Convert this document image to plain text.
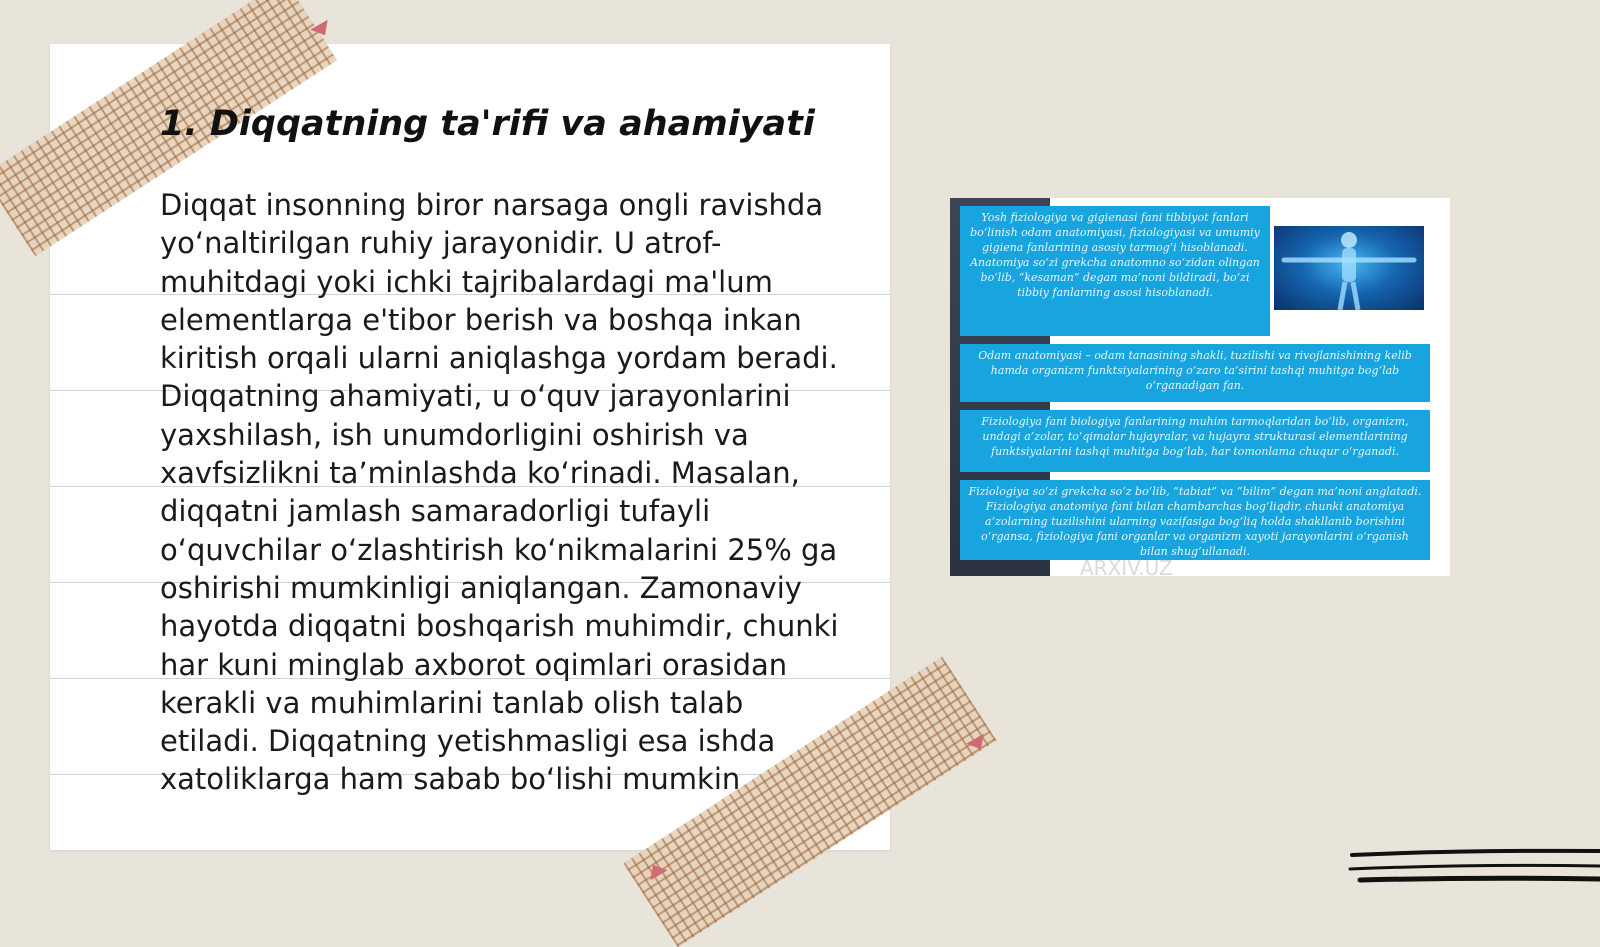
1. Diqqatning ta'rifi va ahamiyati

Diqqat insonning biror narsaga ongli ravishda yo‘naltirilgan ruhiy jarayonidir. U atrof-muhitdagi yoki ichki tajribalardagi ma'lum elementlarga e'tibor berish va boshqa inkan kiritish orqali ularni aniqlashga yordam beradi. Diqqatning ahamiyati, u o‘quv jarayonlarini yaxshilash, ish unumdorligini oshirish va xavfsizlikni ta’minlashda ko‘rinadi. Masalan, diqqatni jamlash samaradorligi tufayli o‘quvchilar o‘zlashtirish ko‘nikmalarini 25% ga oshirishi mumkinligi aniqlangan. Zamonaviy hayotda diqqatni boshqarish muhimdir, chunki har kuni minglab axborot oqimlari orasidan kerakli va muhimlarini tanlab olish talab etiladi. Diqqatning yetishmasligi esa ishda xatoliklarga ham sabab bo‘lishi mumkin.

Yosh fiziologiya va gigienasi fani tibbiyot fanlari bo‘linish odam anatomiyasi, fiziologiyasi va umumiy gigiena fanlarining asosiy tarmog‘i hisoblanadi. Anatomiya so‘zi grekcha anatomno so‘zidan olingan bo‘lib, “kesaman” degan ma’noni bildiradi, bo‘zi tibbiy fanlarning asosi hisoblanadi.
Odam anatomiyasi – odam tanasining shakli, tuzilishi va rivojlanishining kelib hamda organizm funktsiyalarining o‘zaro ta’sirini tashqi muhitga bog‘lab o‘rganadigan fan.
Fiziologiya fani biologiya fanlarining muhim tarmoqlaridan bo‘lib, organizm, undagi a’zolar, to‘qimalar hujayralar, va hujayra strukturasi elementlarining funktsiyalarini tashqi muhitga bog‘lab, har tomonlama chuqur o‘rganadi.
Fiziologiya so‘zi grekcha so‘z bo‘lib, “tabiat” va “bilim” degan ma’noni anglatadi. Fiziologiya anatomiya fani bilan chambarchas bog‘liqdir, chunki anatomiya a’zolarning tuzilishini ularning vazifasiga bog‘liq holda shakllanib borishini o‘rgansa, fiziologiya fani organlar va organizm xayoti jarayonlarini o‘rganish bilan shug‘ullanadi.
ARXIV.UZ
